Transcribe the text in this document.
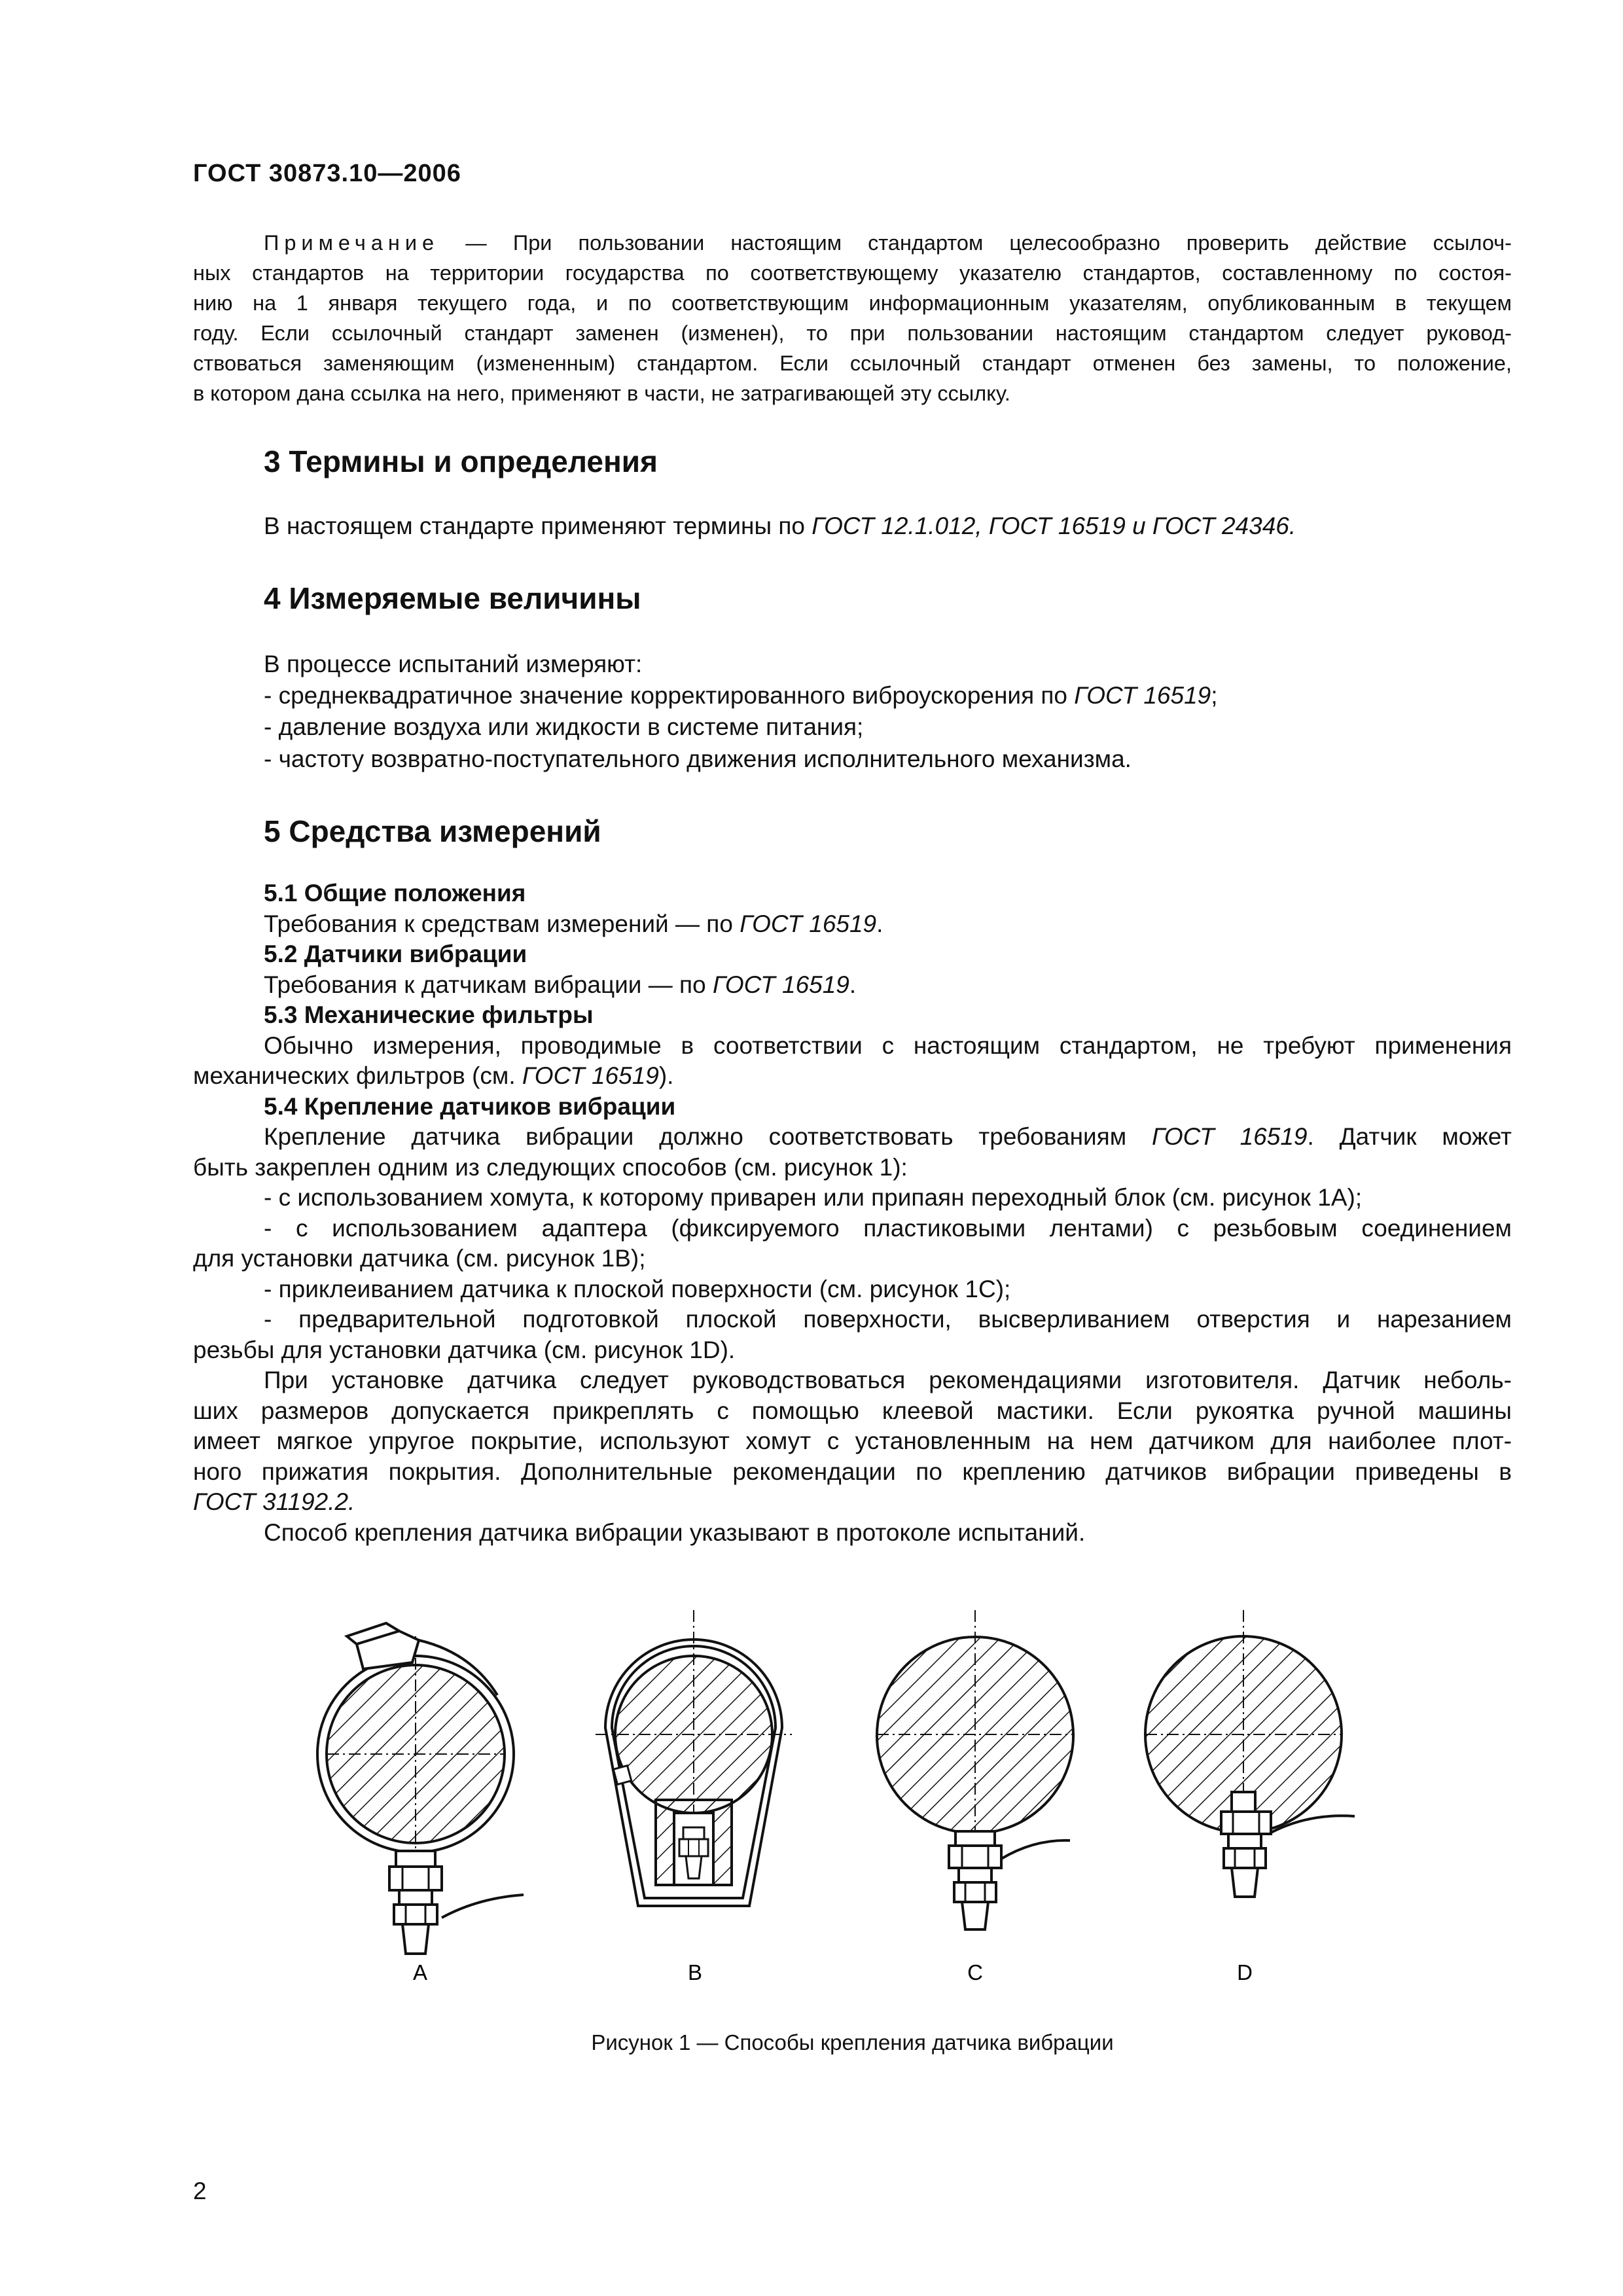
ГОСТ 30873.10—2006
Примечание — При пользовании настоящим стандартом целесообразно проверить действие ссылоч-
ных стандартов на территории государства по соответствующему указателю стандартов, составленному по состоя-
нию на 1 января текущего года, и по соответствующим информационным указателям, опубликованным в текущем
году. Если ссылочный стандарт заменен (изменен), то при пользовании настоящим стандартом следует руковод-
ствоваться заменяющим (измененным) стандартом. Если ссылочный стандарт отменен без замены, то положение,
в котором дана ссылка на него, применяют в части, не затрагивающей эту ссылку.
3 Термины и определения
В настоящем стандарте применяют термины по ГОСТ 12.1.012, ГОСТ 16519 и ГОСТ 24346.
4 Измеряемые величины
В процессе испытаний измеряют:
- среднеквадратичное значение корректированного виброускорения по ГОСТ 16519;
- давление воздуха или жидкости в системе питания;
- частоту возвратно-поступательного движения исполнительного механизма.
5 Средства измерений
5.1 Общие положения
Требования к средствам измерений — по ГОСТ 16519.
5.2 Датчики вибрации
Требования к датчикам вибрации — по ГОСТ 16519.
5.3 Механические фильтры
Обычно измерения, проводимые в соответствии с настоящим стандартом, не требуют применения
механических фильтров (см. ГОСТ 16519).
5.4 Крепление датчиков вибрации
Крепление датчика вибрации должно соответствовать требованиям ГОСТ 16519. Датчик может
быть закреплен одним из следующих способов (см. рисунок 1):
- с использованием хомута, к которому приварен или припаян переходный блок (см. рисунок 1А);
- с использованием адаптера (фиксируемого пластиковыми лентами) с резьбовым соединением
для установки датчика (см. рисунок 1В);
- приклеиванием датчика к плоской поверхности (см. рисунок 1С);
- предварительной подготовкой плоской поверхности, высверливанием отверстия и нарезанием
резьбы для установки датчика (см. рисунок 1D).
При установке датчика следует руководствоваться рекомендациями изготовителя. Датчик неболь-
ших размеров допускается прикреплять с помощью клеевой мастики. Если рукоятка ручной машины
имеет мягкое упругое покрытие, используют хомут с установленным на нем датчиком для наиболее плот-
ного прижатия покрытия. Дополнительные рекомендации по креплению датчиков вибрации приведены в
ГОСТ 31192.2.
Способ крепления датчика вибрации указывают в протоколе испытаний.
A	B	C	D
Рисунок 1 — Способы крепления датчика вибрации
2
